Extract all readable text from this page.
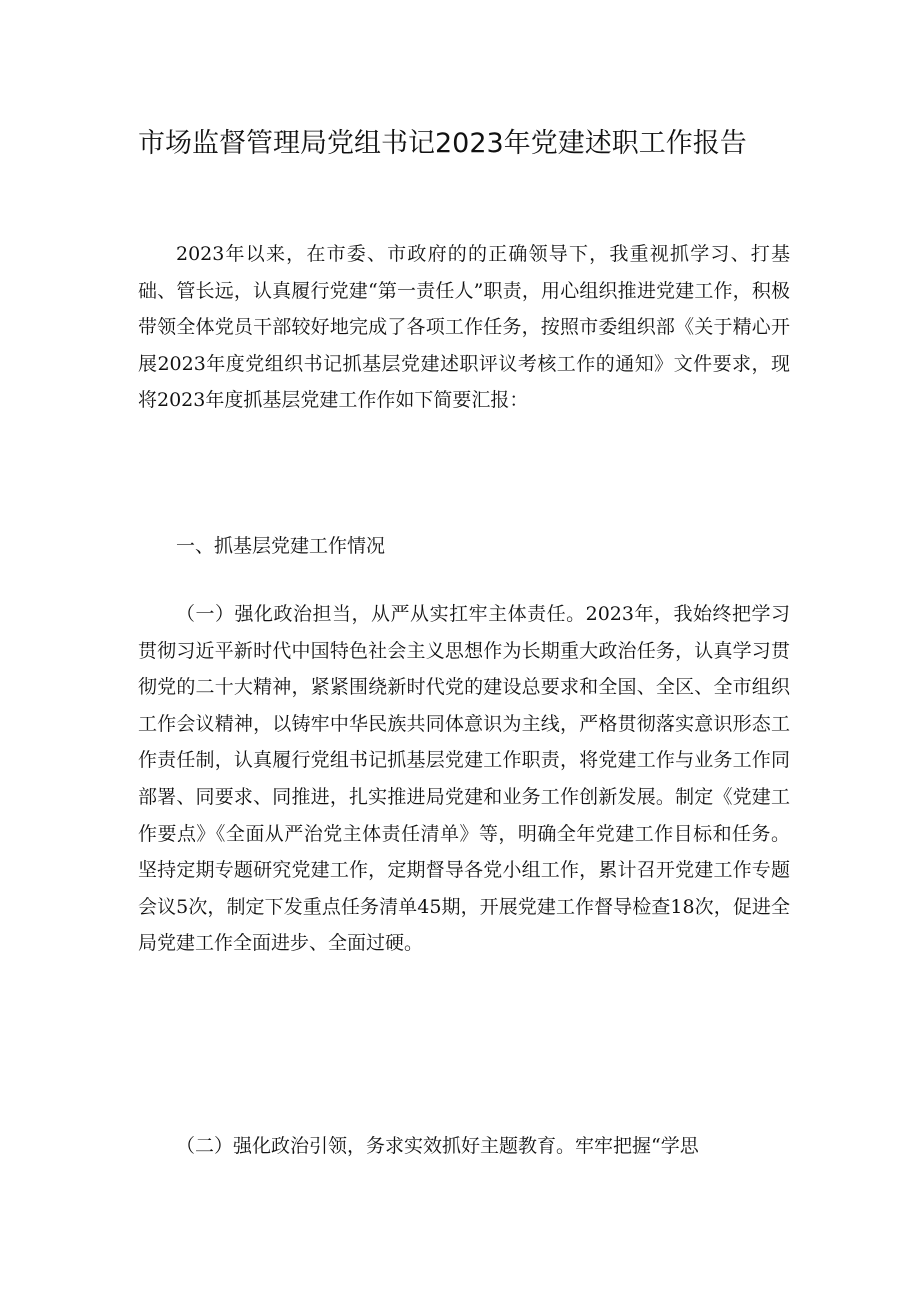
市场监督管理局党组书记2023年党建述职工作报告

2023年以来，在市委、市政府的的正确领导下，我重视抓学习、打基础、管长远，认真履行党建“第一责任人”职责，用心组织推进党建工作，积极带领全体党员干部较好地完成了各项工作任务，按照市委组织部《关于精心开展2023年度党组织书记抓基层党建述职评议考核工作的通知》文件要求，现将2023年度抓基层党建工作作如下简要汇报：

一、抓基层党建工作情况

（一）强化政治担当，从严从实扛牢主体责任。2023年，我始终把学习贯彻习近平新时代中国特色社会主义思想作为长期重大政治任务，认真学习贯彻党的二十大精神，紧紧围绕新时代党的建设总要求和全国、全区、全市组织工作会议精神，以铸牢中华民族共同体意识为主线，严格贯彻落实意识形态工作责任制，认真履行党组书记抓基层党建工作职责，将党建工作与业务工作同部署、同要求、同推进，扎实推进局党建和业务工作创新发展。制定《党建工作要点》《全面从严治党主体责任清单》等，明确全年党建工作目标和任务。坚持定期专题研究党建工作，定期督导各党小组工作，累计召开党建工作专题会议5次，制定下发重点任务清单45期，开展党建工作督导检查18次，促进全局党建工作全面进步、全面过硬。

（二）强化政治引领，务求实效抓好主题教育。牢牢把握“学思
